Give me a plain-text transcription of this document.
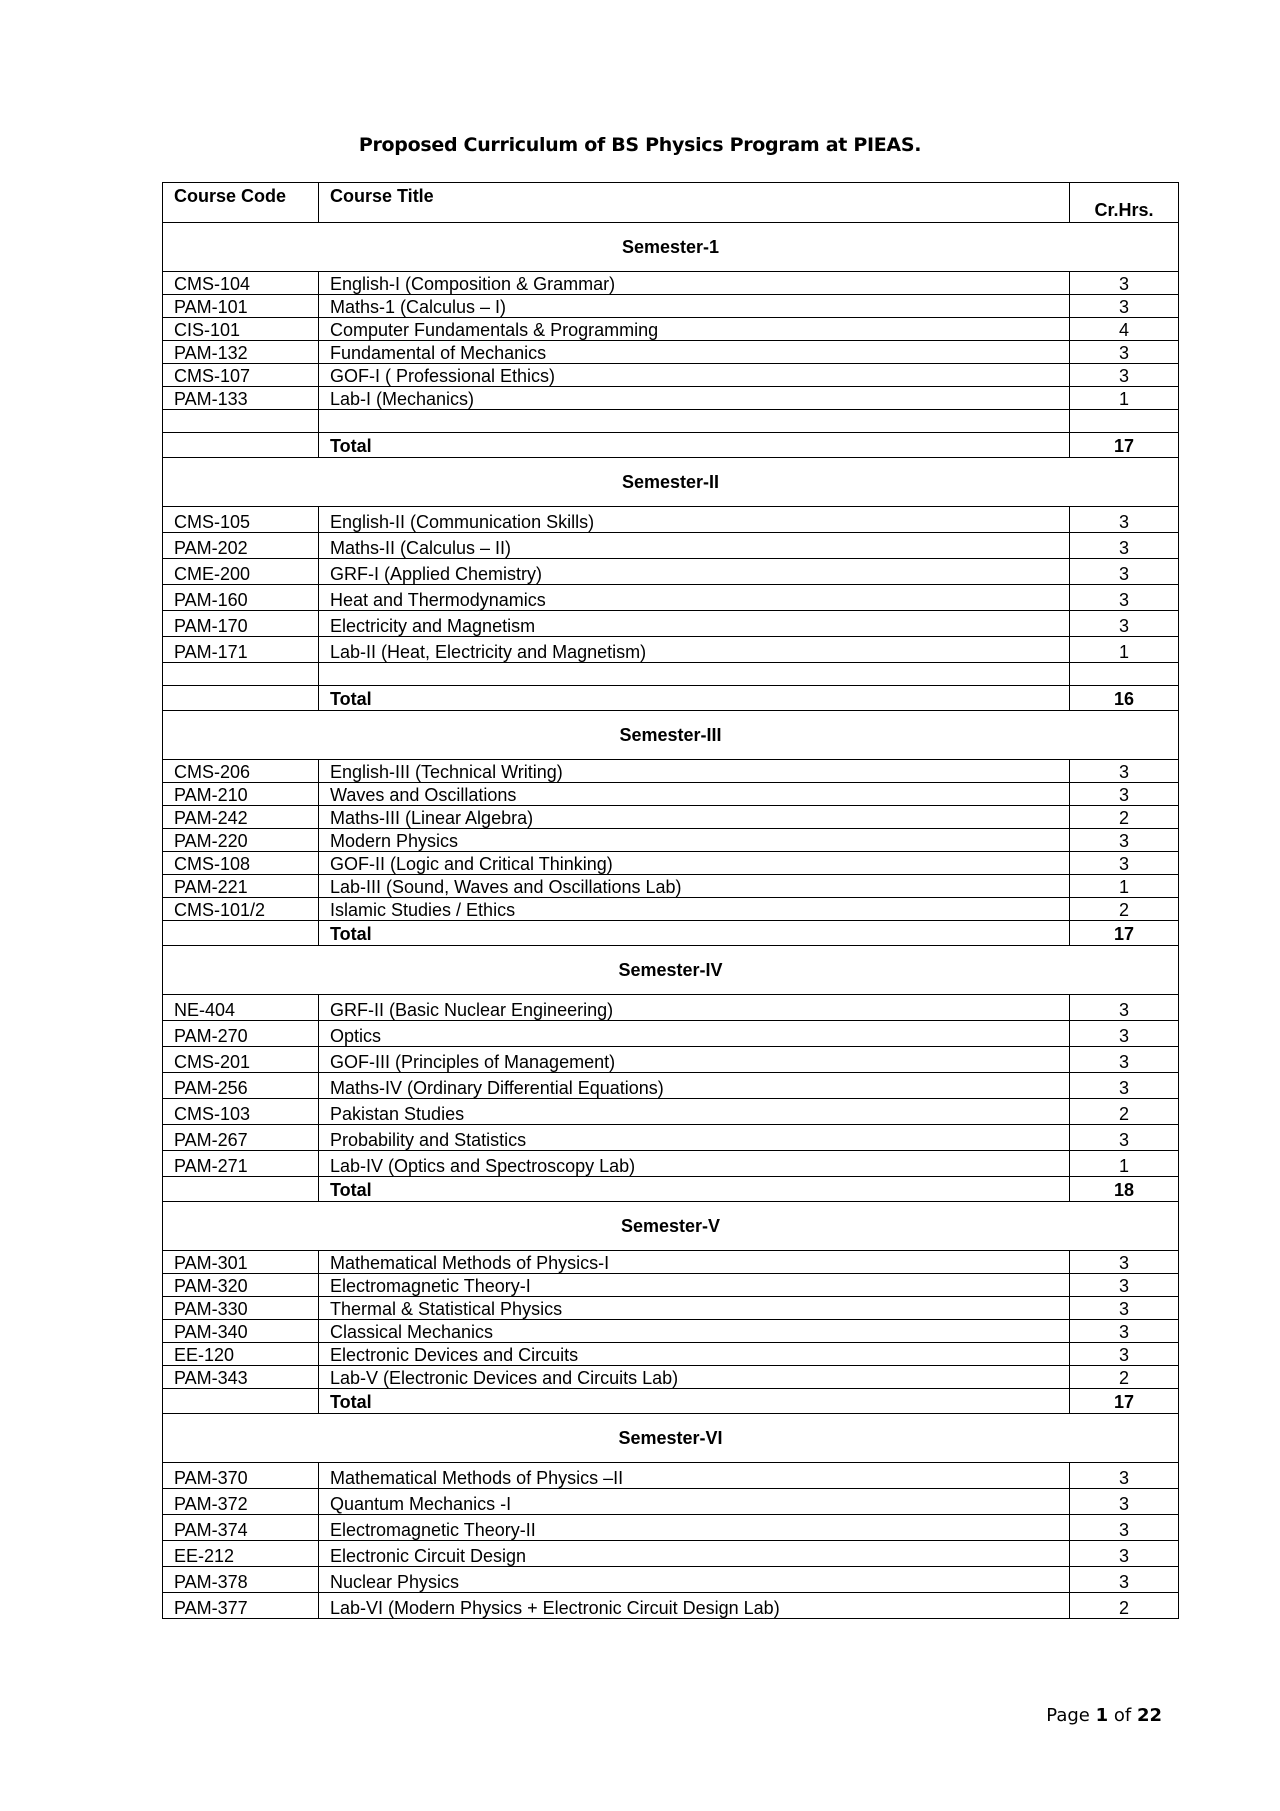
Proposed Curriculum of BS Physics Program at PIEAS.
Course Code	Course Title	Cr.Hrs.
Semester-1		
CMS-104	English-I (Composition & Grammar)	3
PAM-101	Maths-1 (Calculus – I)	3
CIS-101	Computer Fundamentals & Programming	4
PAM-132	Fundamental of Mechanics	3
CMS-107	GOF-I ( Professional Ethics)	3
PAM-133	Lab-I (Mechanics)	1

	Total	17
Semester-II		
CMS-105	English-II (Communication Skills)	3
PAM-202	Maths-II (Calculus – II)	3
CME-200	GRF-I (Applied Chemistry)	3
PAM-160	Heat and Thermodynamics	3
PAM-170	Electricity and Magnetism	3
PAM-171	Lab-II (Heat, Electricity and Magnetism)	1

	Total	16
Semester-III		
CMS-206	English-III (Technical Writing)	3
PAM-210	Waves and Oscillations	3
PAM-242	Maths-III (Linear Algebra)	2
PAM-220	Modern Physics	3
CMS-108	GOF-II (Logic and Critical Thinking)	3
PAM-221	Lab-III (Sound, Waves and Oscillations Lab)	1
CMS-101/2	Islamic Studies / Ethics	2
	Total	17
Semester-IV		
NE-404	GRF-II (Basic Nuclear Engineering)	3
PAM-270	Optics	3
CMS-201	GOF-III (Principles of Management)	3
PAM-256	Maths-IV (Ordinary Differential Equations)	3
CMS-103	Pakistan Studies	2
PAM-267	Probability and Statistics	3
PAM-271	Lab-IV (Optics and Spectroscopy Lab)	1
	Total	18
Semester-V		
PAM-301	Mathematical Methods of Physics-I	3
PAM-320	Electromagnetic Theory-I	3
PAM-330	Thermal & Statistical Physics	3
PAM-340	Classical Mechanics	3
EE-120	Electronic Devices and Circuits	3
PAM-343	Lab-V (Electronic Devices and Circuits Lab)	2
	Total	17
Semester-VI		
PAM-370	Mathematical Methods of Physics –II	3
PAM-372	Quantum Mechanics -I	3
PAM-374	Electromagnetic Theory-II	3
EE-212	Electronic Circuit Design	3
PAM-378	Nuclear Physics	3
PAM-377	Lab-VI (Modern Physics + Electronic Circuit Design Lab)	2
Page 1 of 22
